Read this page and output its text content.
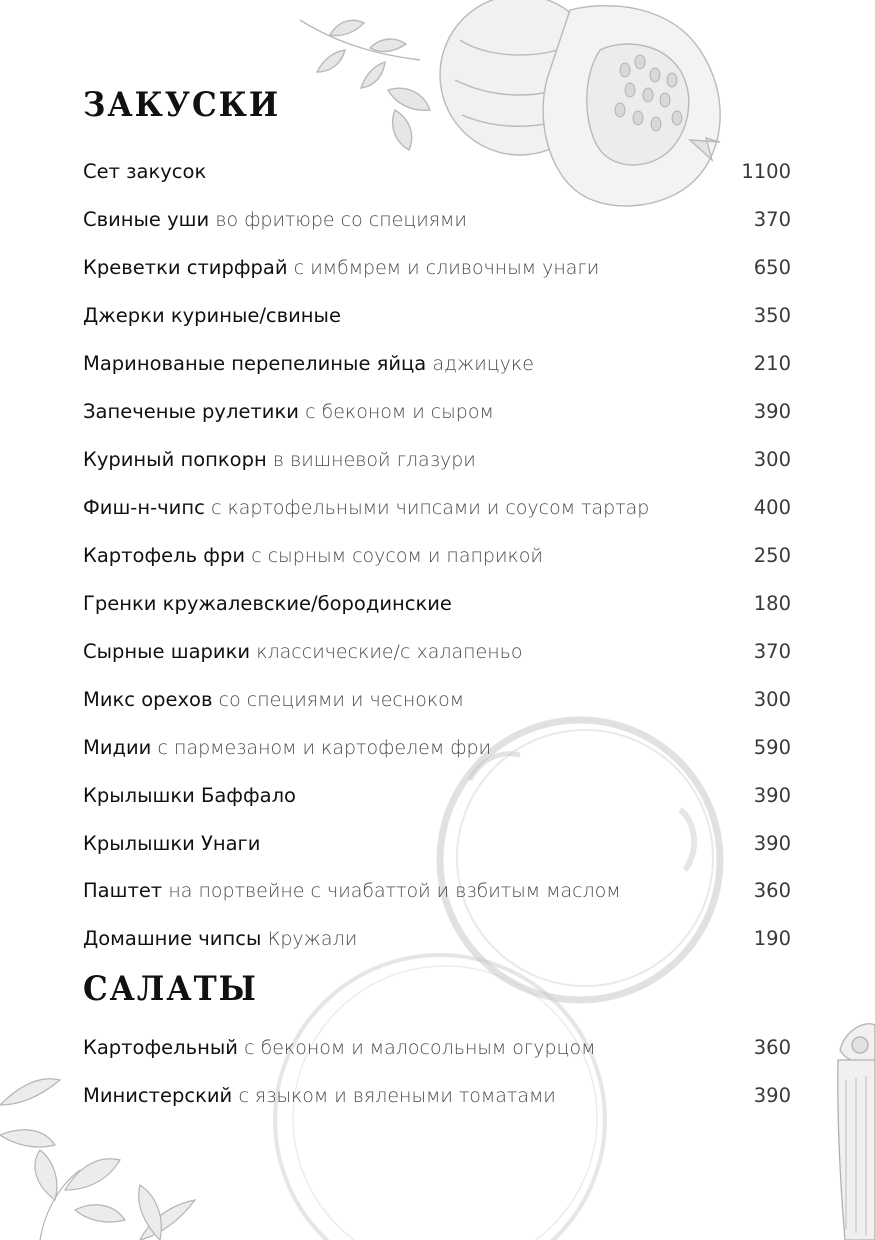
ЗАКУСКИ
Сет закусок	1100
Свиные уши во фритюре со специями	370
Креветки стирфрай с имбмрем и сливочным унаги	650
Джерки куриные/свиные	350
Маринованые перепелиные яйца аджицуке	210
Запеченые рулетики с беконом и сыром	390
Куриный попкорн в вишневой глазури	300
Фиш-н-чипс с картофельными чипсами и соусом тартар	400
Картофель фри с сырным соусом и паприкой	250
Гренки кружалевские/бородинские	180
Сырные шарики классические/с халапеньо	370
Микс орехов со специями и чесноком	300
Мидии с пармезаном и картофелем фри	590
Крылышки Баффало	390
Крылышки Унаги	390
Паштет на портвейне с чиабаттой и взбитым маслом	360
Домашние чипсы Кружали	190
САЛАТЫ
Картофельный с беконом и малосольным огурцом	360
Министерский с языком и вялеными томатами	390
